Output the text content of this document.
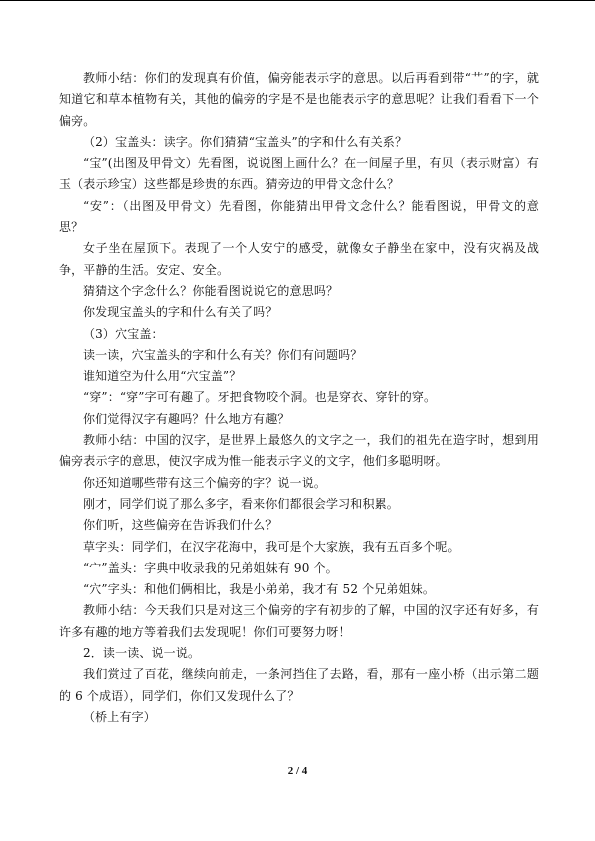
教师小结：你们的发现真有价值，偏旁能表示字的意思。以后再看到带“艹”的字，就知道它和草本植物有关，其他的偏旁的字是不是也能表示字的意思呢？让我们看看下一个偏旁。

（2）宝盖头：读字。你们猜猜“宝盖头”的字和什么有关系？

“宝”(出图及甲骨文）先看图，说说图上画什么？在一间屋子里，有贝（表示财富）有玉（表示珍宝）这些都是珍贵的东西。猜旁边的甲骨文念什么？

“安”：（出图及甲骨文）先看图，你能猜出甲骨文念什么？能看图说，甲骨文的意思？

女子坐在屋顶下。表现了一个人安宁的感受，就像女子静坐在家中，没有灾祸及战争，平静的生活。安定、安全。

猜猜这个字念什么？你能看图说说它的意思吗？

你发现宝盖头的字和什么有关了吗？

（3）穴宝盖：

读一读，穴宝盖头的字和什么有关？你们有问题吗？

谁知道空为什么用“穴宝盖”？

“穿”：“穿”字可有趣了。牙把食物咬个洞。也是穿衣、穿针的穿。

你们觉得汉字有趣吗？什么地方有趣？

教师小结：中国的汉字，是世界上最悠久的文字之一，我们的祖先在造字时，想到用偏旁表示字的意思，使汉字成为惟一能表示字义的文字，他们多聪明呀。

你还知道哪些带有这三个偏旁的字？说一说。

刚才，同学们说了那么多字，看来你们都很会学习和积累。

你们听，这些偏旁在告诉我们什么？

草字头：同学们，在汉字花海中，我可是个大家族，我有五百多个呢。

“宀”盖头：字典中收录我的兄弟姐妹有 90 个。

“穴”字头：和他们俩相比，我是小弟弟，我才有 52 个兄弟姐妹。

教师小结：今天我们只是对这三个偏旁的字有初步的了解，中国的汉字还有好多，有许多有趣的地方等着我们去发现呢！你们可要努力呀！

2．读一读、说一说。

我们赏过了百花，继续向前走，一条河挡住了去路，看，那有一座小桥（出示第二题的 6 个成语），同学们，你们又发现什么了？

（桥上有字）

2 / 4
